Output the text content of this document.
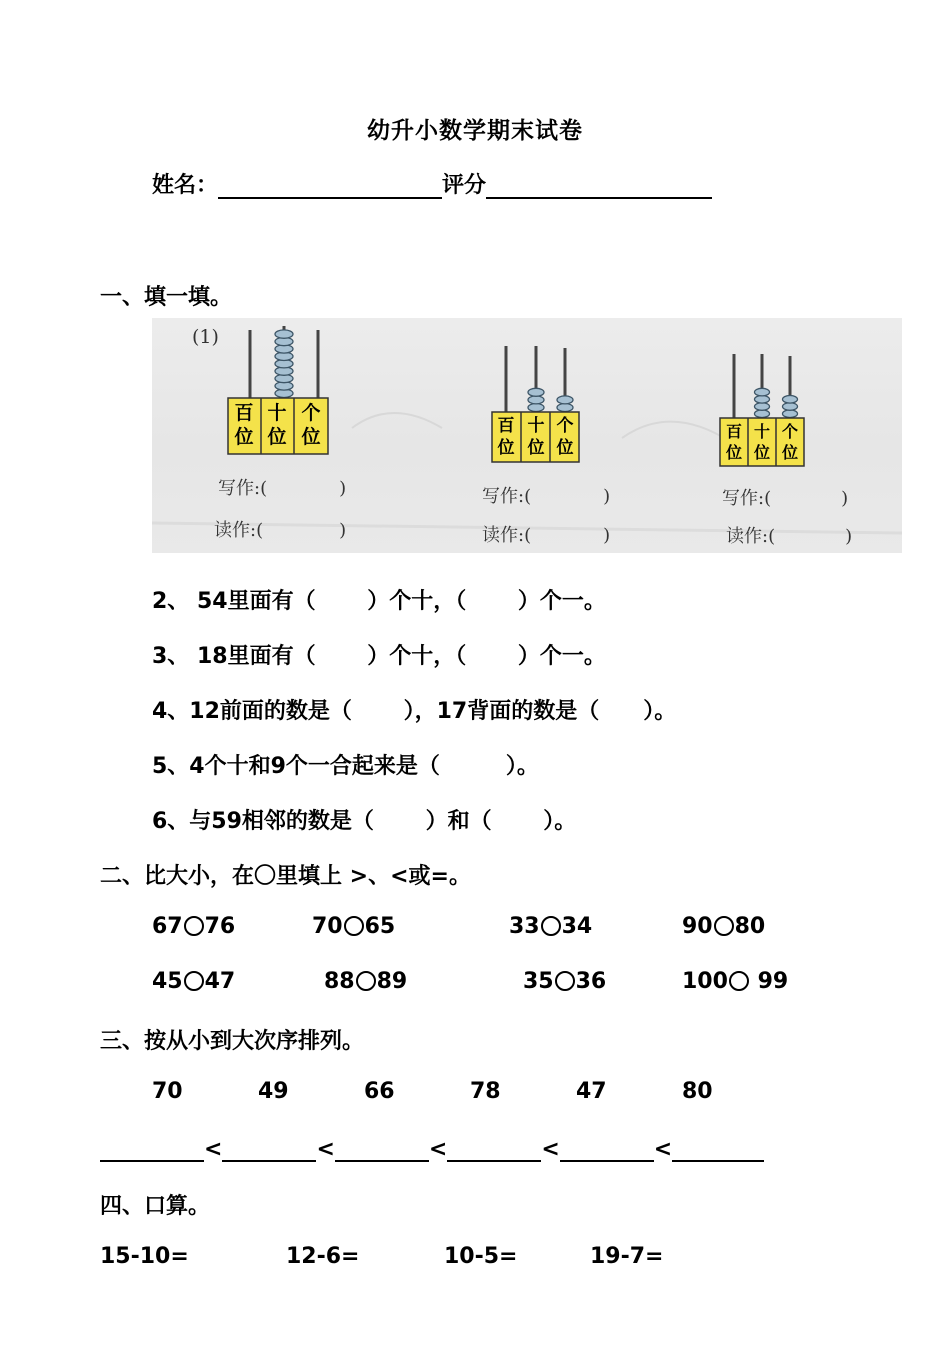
幼升小数学期末试卷
姓名：	评分
一、填一填。
百
位
十
位
个
位	百
位
十
位
个
位
百
位
十
位
个
位
(1)
写作:(	)
读作:(	)
写作:(	)
读作:(	)
写作:(	)
读作:(	)
2、 54里面有（　　 ）个十，（　　 ）个一。
3、 18里面有（　　 ）个十，（　　 ）个一。
4、12前面的数是（　　 ），17背面的数是（　　）。
5、4个十和9个一合起来是（　　　）。
6、与59相邻的数是（　　 ）和（　　 ）。
二、比大小，在〇里填上 >、<或=。
67 76	70 65	33 34	90 80
45 47	88 89	35 36	100 99
三、按从小到大次序排列。
70	49	66	78	47	80
<	<	<	<	<
四、口算。
15-10=	12-6=	10-5=	19-7=
